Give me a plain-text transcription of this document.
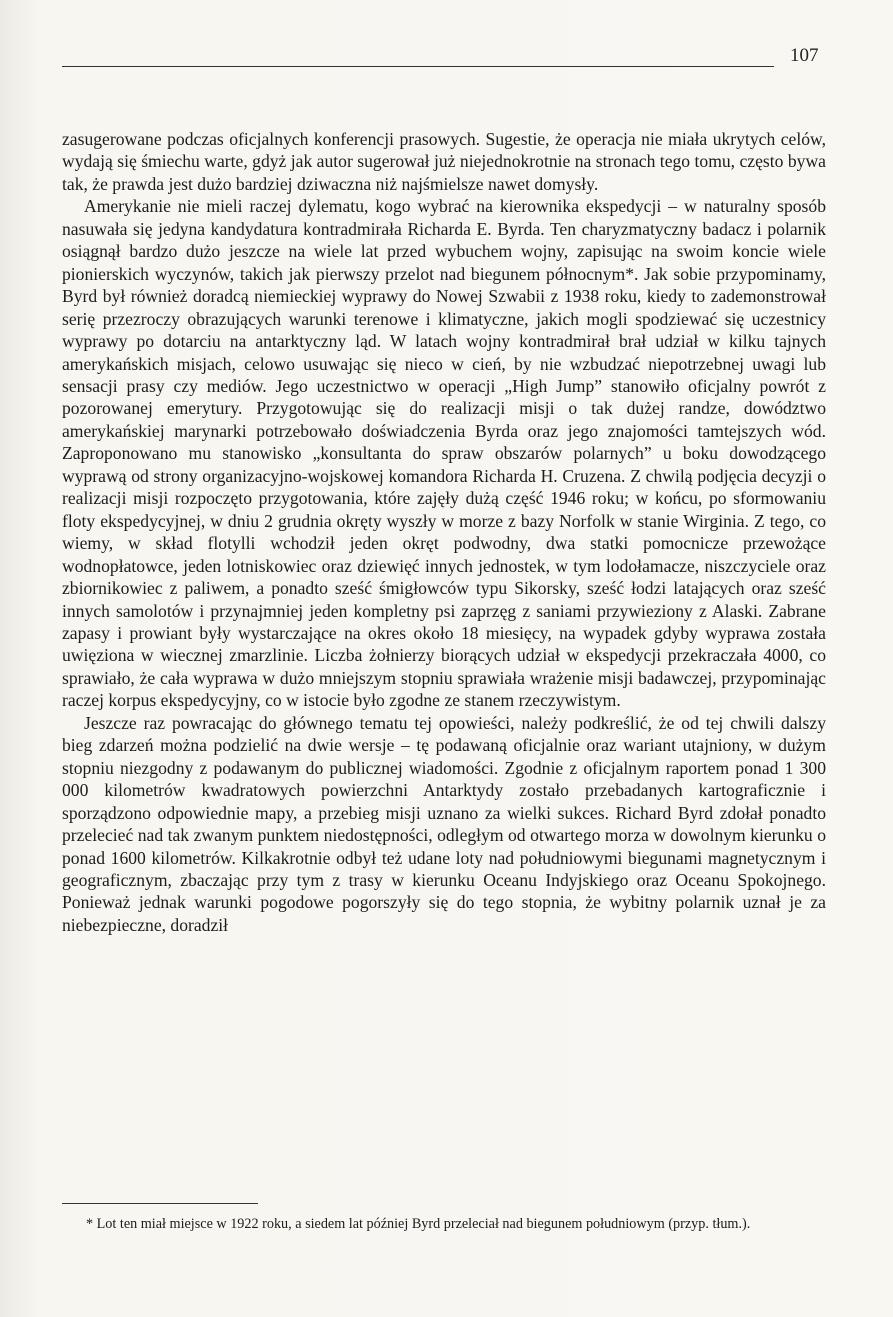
107

zasugerowane podczas oficjalnych konferencji prasowych. Sugestie, że operacja nie miała ukrytych celów, wydają się śmiechu warte, gdyż jak autor sugerował już niejednokrotnie na stronach tego tomu, często bywa tak, że prawda jest dużo bardziej dziwaczna niż najśmielsze nawet domysły.

Amerykanie nie mieli raczej dylematu, kogo wybrać na kierownika ekspedycji – w naturalny sposób nasuwała się jedyna kandydatura kontradmirała Richarda E. Byrda. Ten charyzmatyczny badacz i polarnik osiągnął bardzo dużo jeszcze na wiele lat przed wybuchem wojny, zapisując na swoim koncie wiele pionierskich wyczynów, takich jak pierwszy przelot nad biegunem północnym*. Jak sobie przypominamy, Byrd był również doradcą niemieckiej wyprawy do Nowej Szwabii z 1938 roku, kiedy to zademonstrował serię przezroczy obrazujących warunki terenowe i klimatyczne, jakich mogli spodziewać się uczestnicy wyprawy po dotarciu na antarktyczny ląd. W latach wojny kontradmirał brał udział w kilku tajnych amerykańskich misjach, celowo usuwając się nieco w cień, by nie wzbudzać niepotrzebnej uwagi lub sensacji prasy czy mediów. Jego uczestnictwo w operacji „High Jump” stanowiło oficjalny powrót z pozorowanej emerytury. Przygotowując się do realizacji misji o tak dużej randze, dowództwo amerykańskiej marynarki potrzebowało doświadczenia Byrda oraz jego znajomości tamtejszych wód. Zaproponowano mu stanowisko „konsultanta do spraw obszarów polarnych” u boku dowodzącego wyprawą od strony organizacyjno-wojskowej komandora Richarda H. Cruzena. Z chwilą podjęcia decyzji o realizacji misji rozpoczęto przygotowania, które zajęły dużą część 1946 roku; w końcu, po sformowaniu floty ekspedycyjnej, w dniu 2 grudnia okręty wyszły w morze z bazy Norfolk w stanie Wirginia. Z tego, co wiemy, w skład flotylli wchodził jeden okręt podwodny, dwa statki pomocnicze przewożące wodnopłatowce, jeden lotniskowiec oraz dziewięć innych jednostek, w tym lodołamacze, niszczyciele oraz zbiornikowiec z paliwem, a ponadto sześć śmigłowców typu Sikorsky, sześć łodzi latających oraz sześć innych samolotów i przynajmniej jeden kompletny psi zaprzęg z saniami przywieziony z Alaski. Zabrane zapasy i prowiant były wystarczające na okres około 18 miesięcy, na wypadek gdyby wyprawa została uwięziona w wiecznej zmarzlinie. Liczba żołnierzy biorących udział w ekspedycji przekraczała 4000, co sprawiało, że cała wyprawa w dużo mniejszym stopniu sprawiała wrażenie misji badawczej, przypominając raczej korpus ekspedycyjny, co w istocie było zgodne ze stanem rzeczywistym.

Jeszcze raz powracając do głównego tematu tej opowieści, należy podkreślić, że od tej chwili dalszy bieg zdarzeń można podzielić na dwie wersje – tę podawaną oficjalnie oraz wariant utajniony, w dużym stopniu niezgodny z podawanym do publicznej wiadomości. Zgodnie z oficjalnym raportem ponad 1 300 000 kilometrów kwadratowych powierzchni Antarktydy zostało przebadanych kartograficznie i sporządzono odpowiednie mapy, a przebieg misji uznano za wielki sukces. Richard Byrd zdołał ponadto przelecieć nad tak zwanym punktem niedostępności, odległym od otwartego morza w dowolnym kierunku o ponad 1600 kilometrów. Kilkakrotnie odbył też udane loty nad południowymi biegunami magnetycznym i geograficznym, zbaczając przy tym z trasy w kierunku Oceanu Indyjskiego oraz Oceanu Spokojnego. Ponieważ jednak warunki pogodowe pogorszyły się do tego stopnia, że wybitny polarnik uznał je za niebezpieczne, doradził

* Lot ten miał miejsce w 1922 roku, a siedem lat później Byrd przeleciał nad biegunem południowym (przyp. tłum.).
